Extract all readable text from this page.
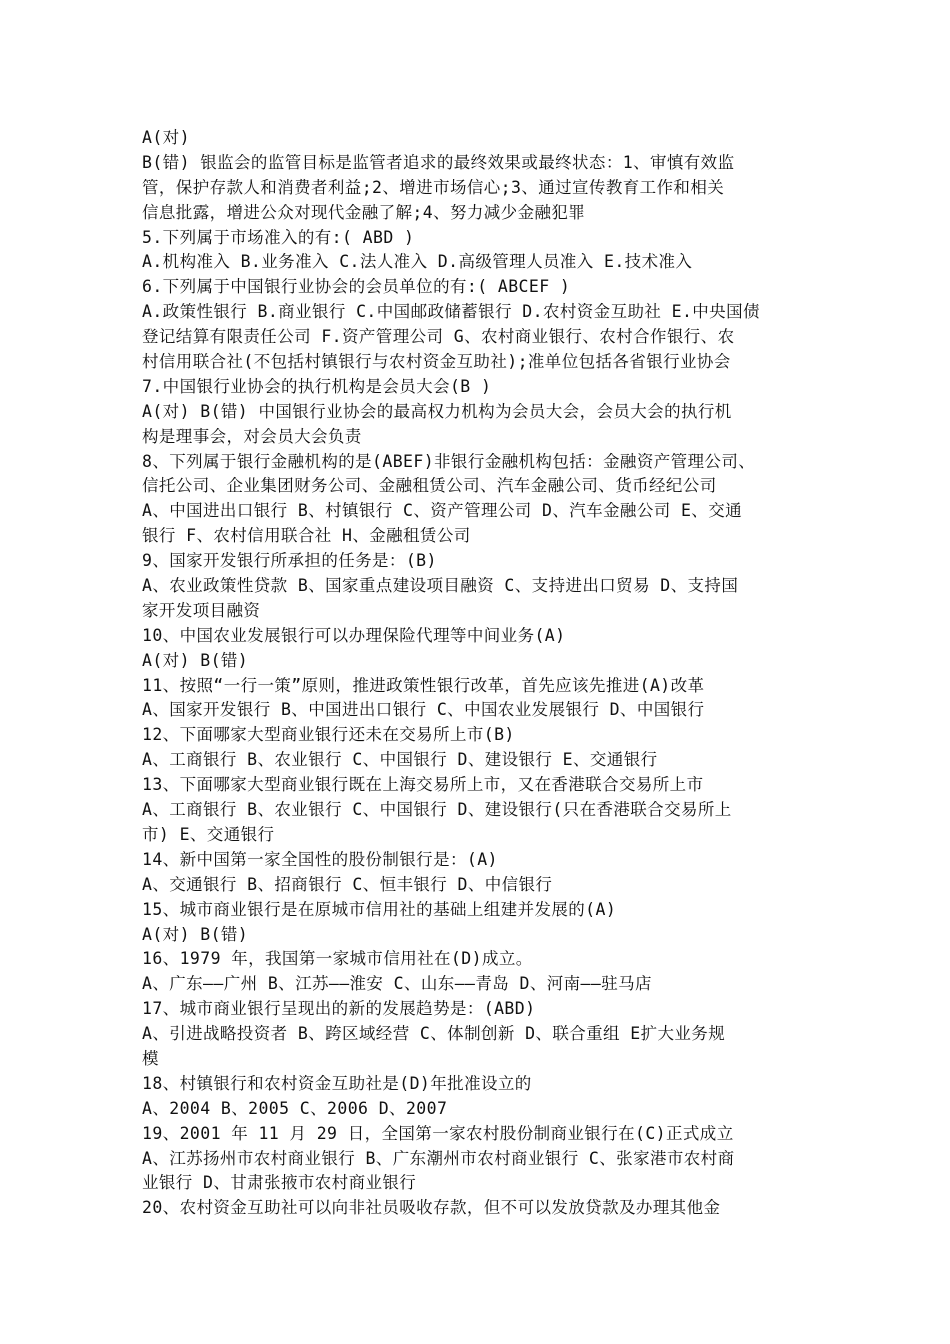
A(对)
B(错) 银监会的监管目标是监管者追求的最终效果或最终状态：1、审慎有效监
管，保护存款人和消费者利益;2、增进市场信心;3、通过宣传教育工作和相关
信息批露，增进公众对现代金融了解;4、努力减少金融犯罪
5.下列属于市场准入的有:( ABD )
A.机构准入 B.业务准入 C.法人准入 D.高级管理人员准入 E.技术准入
6.下列属于中国银行业协会的会员单位的有:( ABCEF )
A.政策性银行 B.商业银行 C.中国邮政储蓄银行 D.农村资金互助社 E.中央国债
登记结算有限责任公司 F.资产管理公司 G、农村商业银行、农村合作银行、农
村信用联合社(不包括村镇银行与农村资金互助社);准单位包括各省银行业协会
7.中国银行业协会的执行机构是会员大会(B )
A(对) B(错) 中国银行业协会的最高权力机构为会员大会，会员大会的执行机
构是理事会，对会员大会负责
8、下列属于银行金融机构的是(ABEF)非银行金融机构包括：金融资产管理公司、
信托公司、企业集团财务公司、金融租赁公司、汽车金融公司、货币经纪公司
A、中国进出口银行 B、村镇银行 C、资产管理公司 D、汽车金融公司 E、交通
银行 F、农村信用联合社 H、金融租赁公司
9、国家开发银行所承担的任务是：(B)
A、农业政策性贷款 B、国家重点建设项目融资 C、支持进出口贸易 D、支持国
家开发项目融资
10、中国农业发展银行可以办理保险代理等中间业务(A)
A(对) B(错)
11、按照“一行一策”原则，推进政策性银行改革，首先应该先推进(A)改革
A、国家开发银行 B、中国进出口银行 C、中国农业发展银行 D、中国银行
12、下面哪家大型商业银行还未在交易所上市(B)
A、工商银行 B、农业银行 C、中国银行 D、建设银行 E、交通银行
13、下面哪家大型商业银行既在上海交易所上市，又在香港联合交易所上市
A、工商银行 B、农业银行 C、中国银行 D、建设银行(只在香港联合交易所上
市) E、交通银行
14、新中国第一家全国性的股份制银行是：(A)
A、交通银行 B、招商银行 C、恒丰银行 D、中信银行
15、城市商业银行是在原城市信用社的基础上组建并发展的(A)
A(对) B(错)
16、1979 年，我国第一家城市信用社在(D)成立。
A、广东——广州 B、江苏——淮安 C、山东——青岛 D、河南——驻马店
17、城市商业银行呈现出的新的发展趋势是：(ABD)
A、引进战略投资者 B、跨区域经营 C、体制创新 D、联合重组 E扩大业务规
模
18、村镇银行和农村资金互助社是(D)年批准设立的
A、2004 B、2005 C、2006 D、2007
19、2001 年 11 月 29 日，全国第一家农村股份制商业银行在(C)正式成立
A、江苏扬州市农村商业银行 B、广东潮州市农村商业银行 C、张家港市农村商
业银行 D、甘肃张掖市农村商业银行
20、农村资金互助社可以向非社员吸收存款，但不可以发放贷款及办理其他金
